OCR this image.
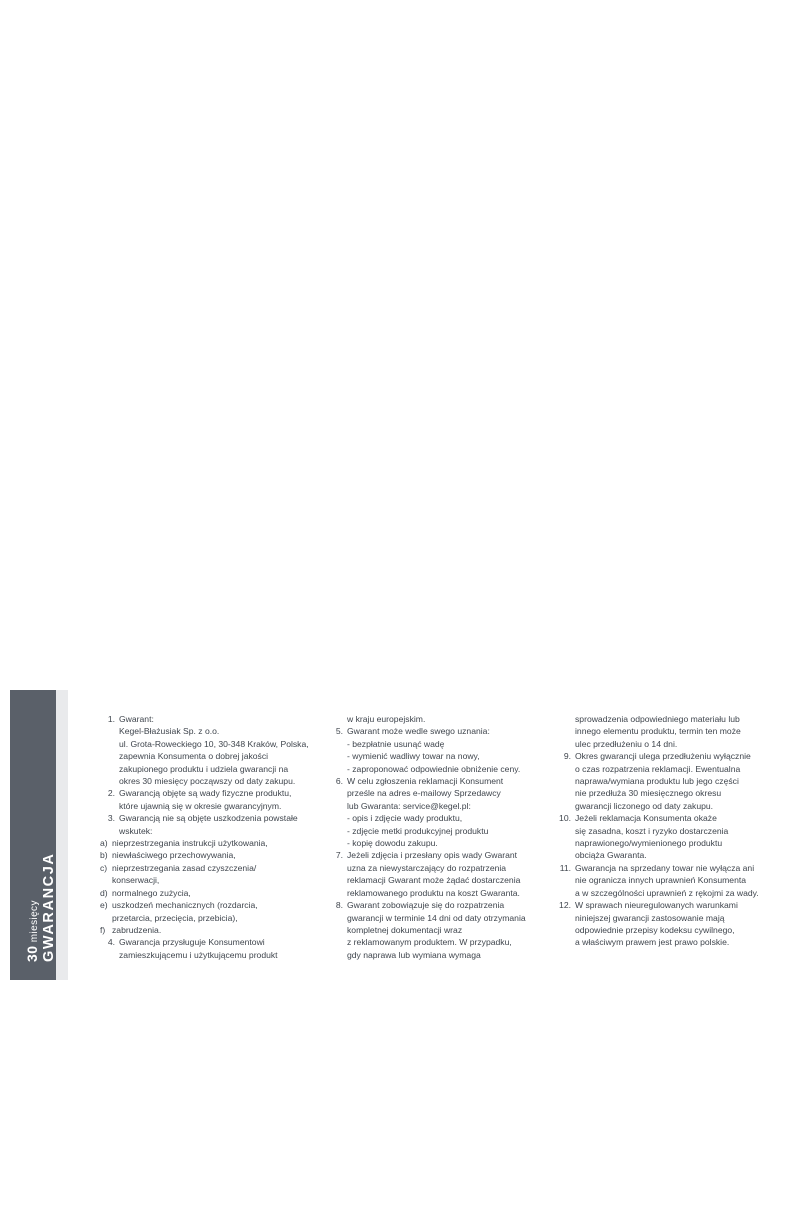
GWARANCJA
30 miesięcy
R
1. Gwarant:
Kegel-Błażusiak Sp. z o.o.
ul. Grota-Roweckiego 10, 30-348 Kraków, Polska,
zapewnia Konsumenta o dobrej jakości
zakupionego produktu i udziela gwarancji na
okres 30 miesięcy począwszy od daty zakupu.
2. Gwarancją objęte są wady fizyczne produktu,
które ujawnią się w okresie gwarancyjnym.
3. Gwarancją nie są objęte uszkodzenia powstałe
wskutek:
a) nieprzestrzegania instrukcji użytkowania,
b) niewłaściwego przechowywania,
c) nieprzestrzegania zasad czyszczenia/
konserwacji,
d) normalnego zużycia,
e) uszkodzeń mechanicznych (rozdarcia,
przetarcia, przecięcia, przebicia),
f) zabrudzenia.
4. Gwarancja przysługuje Konsumentowi
zamieszkującemu i użytkującemu produkt
w kraju europejskim.
5. Gwarant może wedle swego uznania:
- bezpłatnie usunąć wadę
- wymienić wadliwy towar na nowy,
- zaproponować odpowiednie obniżenie ceny.
6. W celu zgłoszenia reklamacji Konsument
prześle na adres e-mailowy Sprzedawcy
lub Gwaranta: service@kegel.pl:
- opis i zdjęcie wady produktu,
- zdjęcie metki produkcyjnej produktu
- kopię dowodu zakupu.
7. Jeżeli zdjęcia i przesłany opis wady Gwarant
uzna za niewystarczający do rozpatrzenia
reklamacji Gwarant może żądać dostarczenia
reklamowanego produktu na koszt Gwaranta.
8. Gwarant zobowiązuje się do rozpatrzenia
gwarancji w terminie 14 dni od daty otrzymania
kompletnej dokumentacji wraz
z reklamowanym produktem. W przypadku,
gdy naprawa lub wymiana wymaga
sprowadzenia odpowiedniego materiału lub
innego elementu produktu, termin ten może
ulec przedłużeniu o 14 dni.
9. Okres gwarancji ulega przedłużeniu wyłącznie
o czas rozpatrzenia reklamacji. Ewentualna
naprawa/wymiana produktu lub jego części
nie przedłuża 30 miesięcznego okresu
gwarancji liczonego od daty zakupu.
10. Jeżeli reklamacja Konsumenta okaże
się zasadna, koszt i ryzyko dostarczenia
naprawionego/wymienionego produktu
obciąża Gwaranta.
11. Gwarancja na sprzedany towar nie wyłącza ani
nie ogranicza innych uprawnień Konsumenta
a w szczególności uprawnień z rękojmi za wady.
12. W sprawach nieuregulowanych warunkami
niniejszej gwarancji zastosowanie mają
odpowiednie przepisy kodeksu cywilnego,
a właściwym prawem jest prawo polskie.
